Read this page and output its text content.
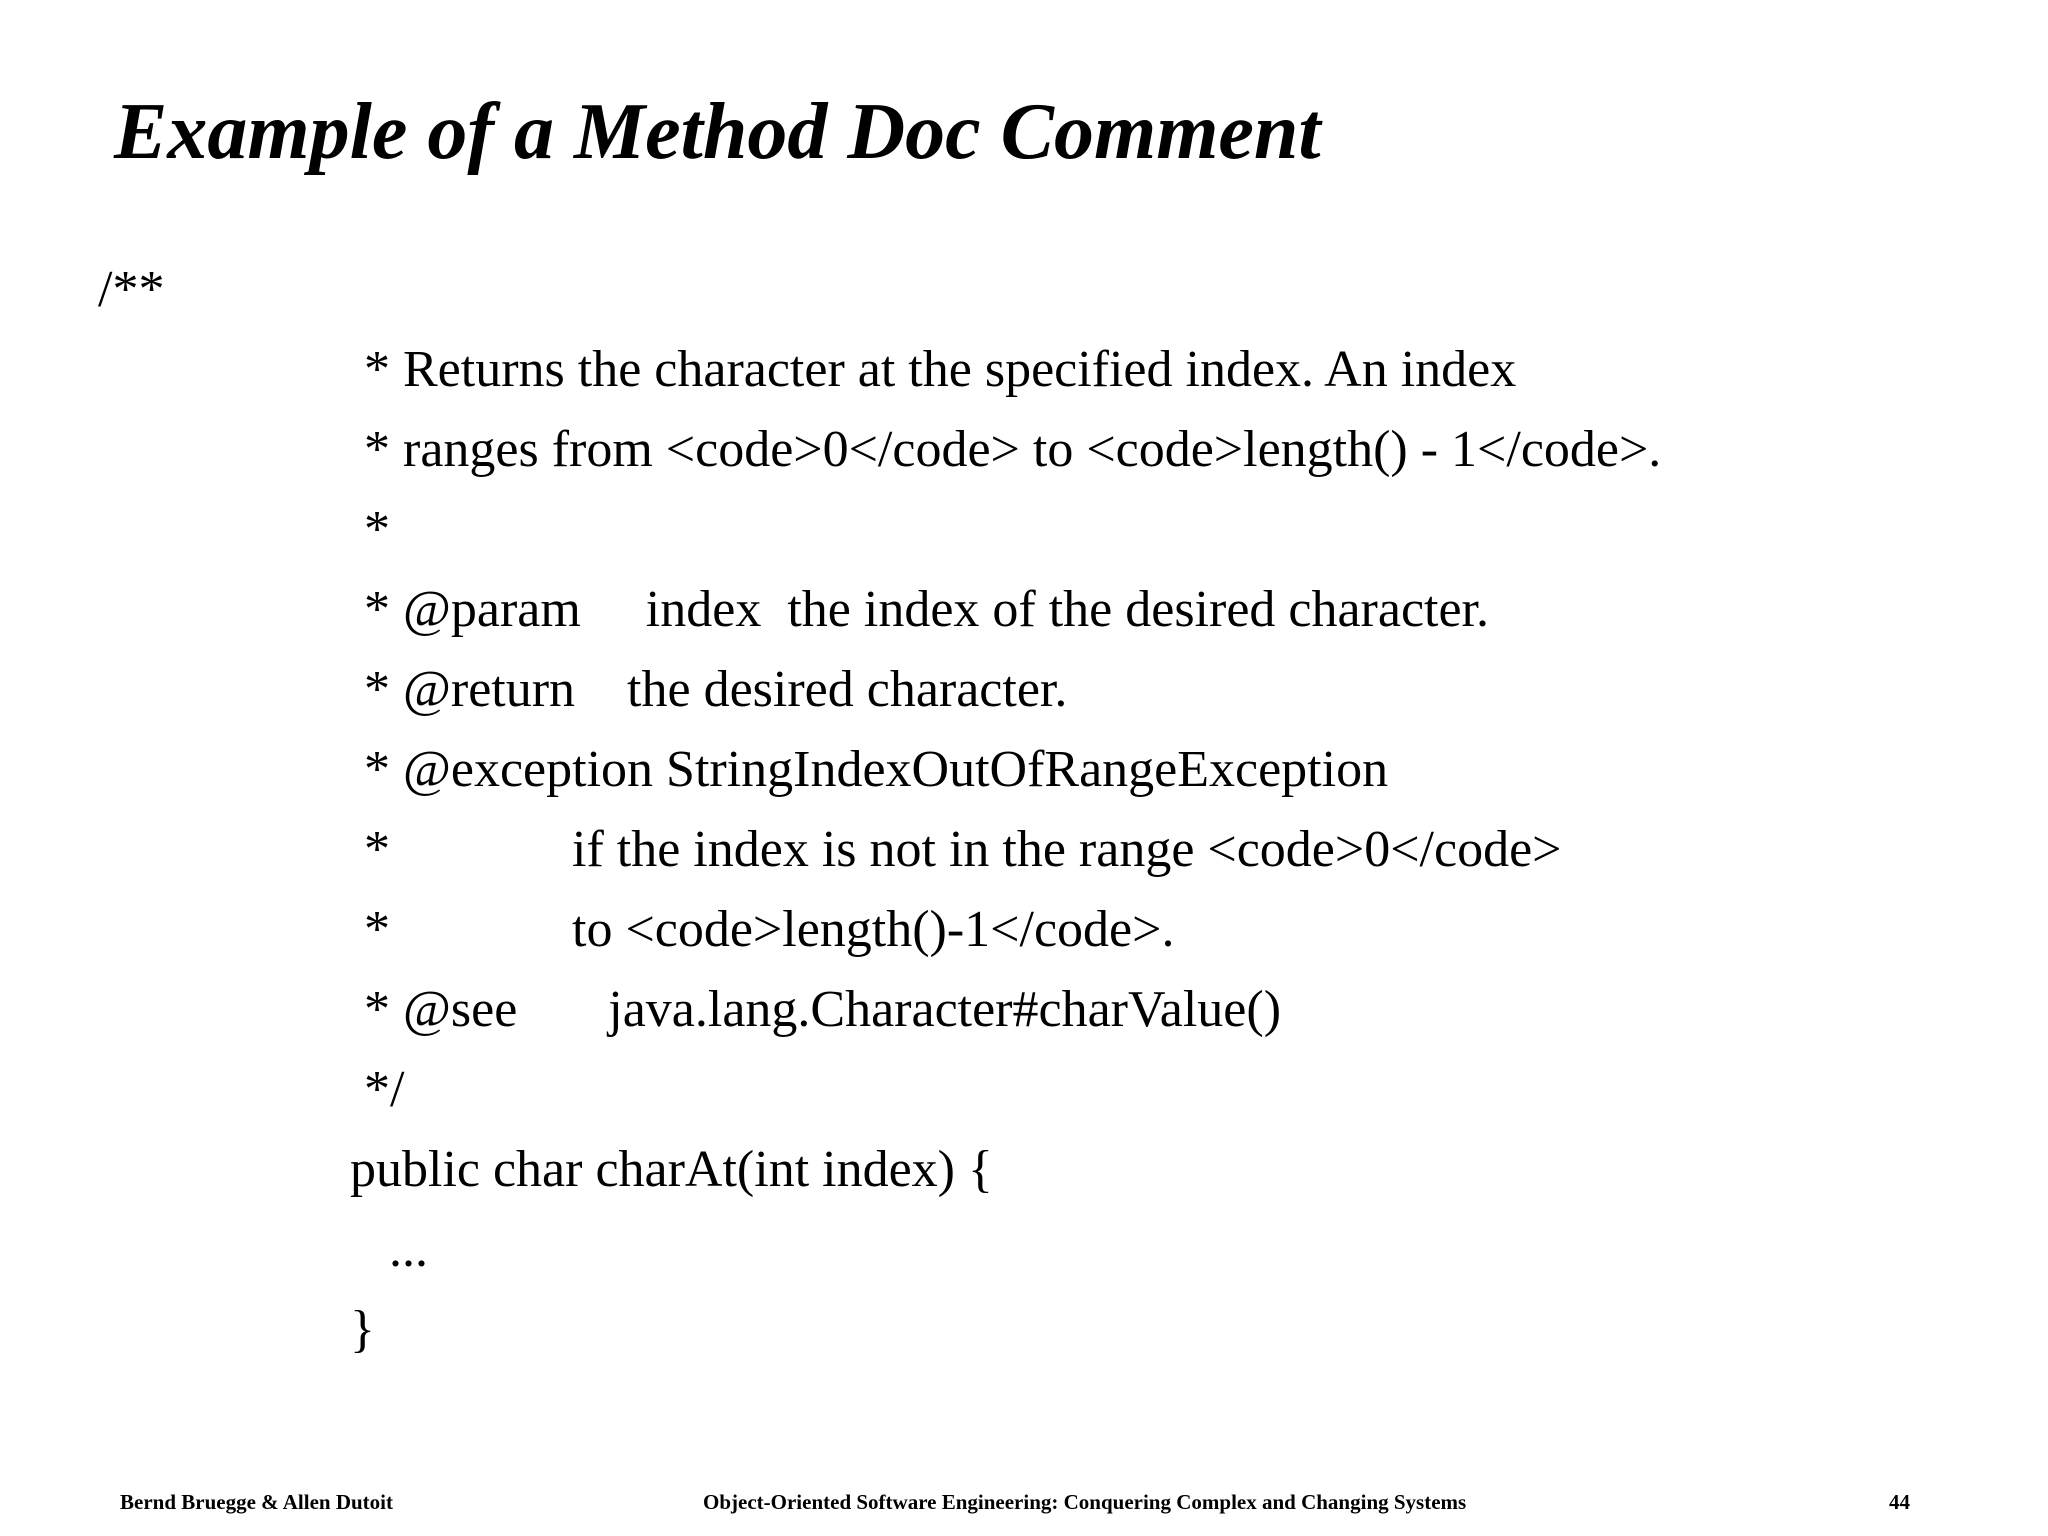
Example of a Method Doc Comment
/**
* Returns the character at the specified index. An index
* ranges from <code>0</code> to <code>length() - 1</code>.
*
* @param     index  the index of the desired character.
* @return    the desired character.
* @exception StringIndexOutOfRangeException
*              if the index is not in the range <code>0</code>
*              to <code>length()-1</code>.
* @see       java.lang.Character#charValue()
*/
public char charAt(int index) {
...
}
Bernd Bruegge & Allen Dutoit	Object-Oriented Software Engineering: Conquering Complex and Changing Systems	44
